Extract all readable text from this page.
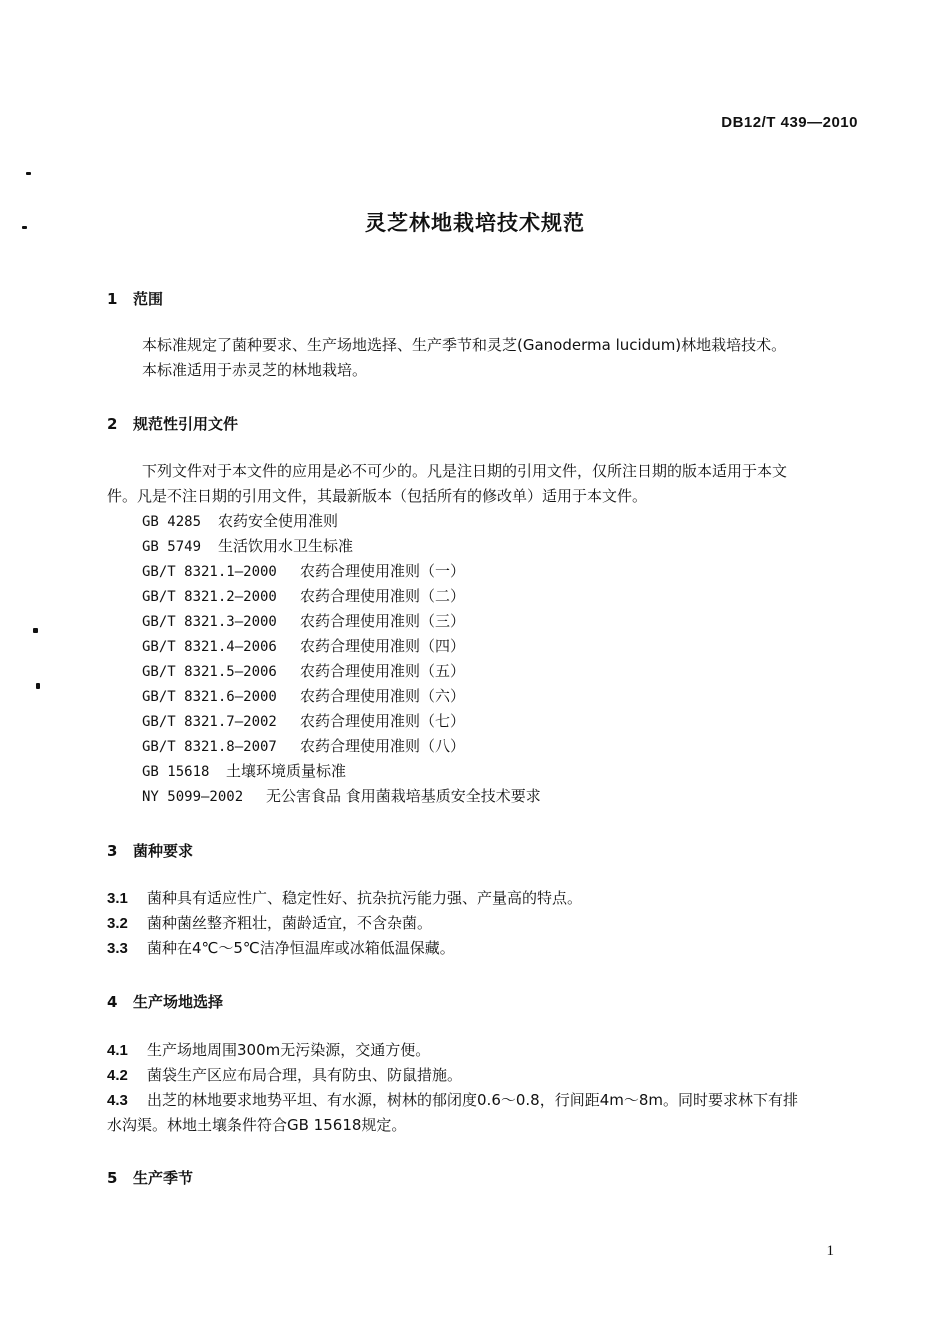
DB12/T 439—2010
灵芝林地栽培技术规范
1 范围
本标准规定了菌种要求、生产场地选择、生产季节和灵芝(Ganoderma lucidum)林地栽培技术。
本标准适用于赤灵芝的林地栽培。
2 规范性引用文件
下列文件对于本文件的应用是必不可少的。凡是注日期的引用文件，仅所注日期的版本适用于本文
件。凡是不注日期的引用文件，其最新版本（包括所有的修改单）适用于本文件。
GB 4285 农药安全使用准则
GB 5749 生活饮用水卫生标准
GB/T 8321.1—2000 农药合理使用准则（一）
GB/T 8321.2—2000 农药合理使用准则（二）
GB/T 8321.3—2000 农药合理使用准则（三）
GB/T 8321.4—2006 农药合理使用准则（四）
GB/T 8321.5—2006 农药合理使用准则（五）
GB/T 8321.6—2000 农药合理使用准则（六）
GB/T 8321.7—2002 农药合理使用准则（七）
GB/T 8321.8—2007 农药合理使用准则（八）
GB 15618 土壤环境质量标准
NY 5099—2002 无公害食品 食用菌栽培基质安全技术要求
3 菌种要求
3.1 菌种具有适应性广、稳定性好、抗杂抗污能力强、产量高的特点。
3.2 菌种菌丝整齐粗壮，菌龄适宜，不含杂菌。
3.3 菌种在4℃～5℃洁净恒温库或冰箱低温保藏。
4 生产场地选择
4.1 生产场地周围300m无污染源，交通方便。
4.2 菌袋生产区应布局合理，具有防虫、防鼠措施。
4.3 出芝的林地要求地势平坦、有水源，树林的郁闭度0.6～0.8，行间距4m～8m。同时要求林下有排
水沟渠。林地土壤条件符合GB 15618规定。
5 生产季节
1
